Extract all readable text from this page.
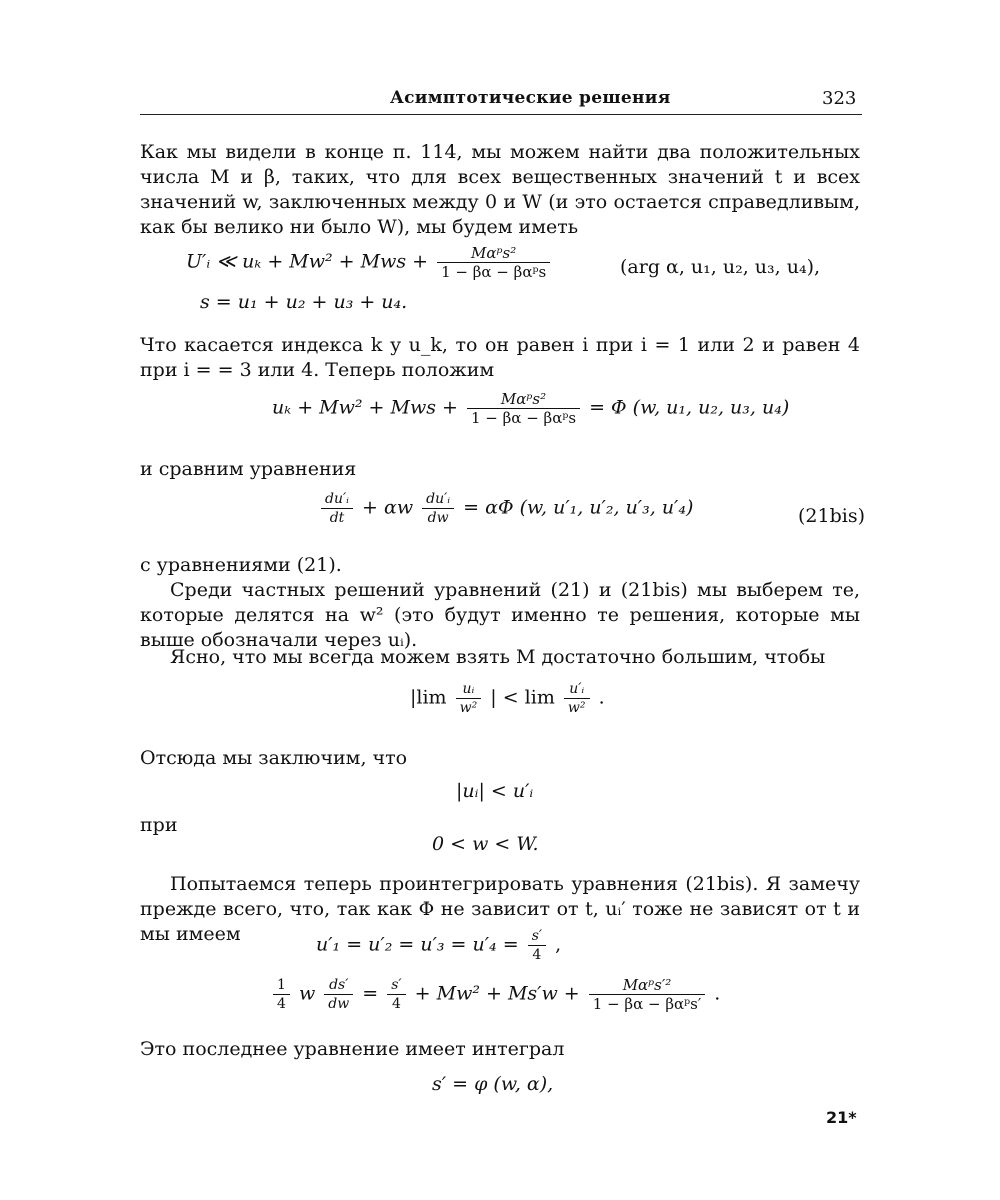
Асимптотические решения	323
Как мы видели в конце п. 114, мы можем найти два положительных числа M и β, таких, что для всех вещественных значений t и всех значений w, заключенных между 0 и W (и это остается справедливым, как бы велико ни было W), мы будем иметь
U′ᵢ ≪ uₖ + Mw² + Mws + $\frac{\text{Mαᵖs²}}{\text{1 − βα − βαᵖs}}$	(arg α, u₁, u₂, u₃, u₄),
s = u₁ + u₂ + u₃ + u₄.
Что касается индекса k у u_k, то он равен i при i = 1 или 2 и равен 4 при i = = 3 или 4. Теперь положим
uₖ + Mw² + Mws + $\frac{\text{Mαᵖs²}}{\text{1 − βα − βαᵖs}} = \Phi$ (w, u₁, u₂, u₃, u₄)
и сравним уравнения
$\frac{\text{du′ᵢ}}{dt} + \alpha w \frac{\text{du′ᵢ}}{dw} = \alpha\Phi$ (w, u′₁, u′₂, u′₃, u′₄)	(21bis)
с уравнениями (21).
Среди частных решений уравнений (21) и (21bis) мы выберем те, которые делятся на w² (это будут именно те решения, которые мы выше обозначали через uᵢ).
Ясно, что мы всегда можем взять M достаточно большим, чтобы
$|\lim \frac{\text{uᵢ}}{\text{w²}}$ | < $\lim \frac{\text{u′ᵢ}}{\text{w²}}$ .
Отсюда мы заключим, что
|uᵢ| < u′ᵢ
при
0 < w < W.
Попытаемся теперь проинтегрировать уравнения (21bis). Я замечу прежде всего, что, так как Φ не зависит от t, uᵢ′ тоже не зависят от t и мы имеем	$u'_1 = u'_2 = u'_3 = u'_4 = \frac{s'}{4}$ ,
$\frac{1}{4}$ w $\frac{ds'}{dw} = \frac{s'}{4} + Mw^2 + Ms'w + \frac{\text{Mαᵖs′²}}{\text{1 − βα − βαᵖs′}}$ .
Это последнее уравнение имеет интеграл
s′ = φ (w, α),
21*
